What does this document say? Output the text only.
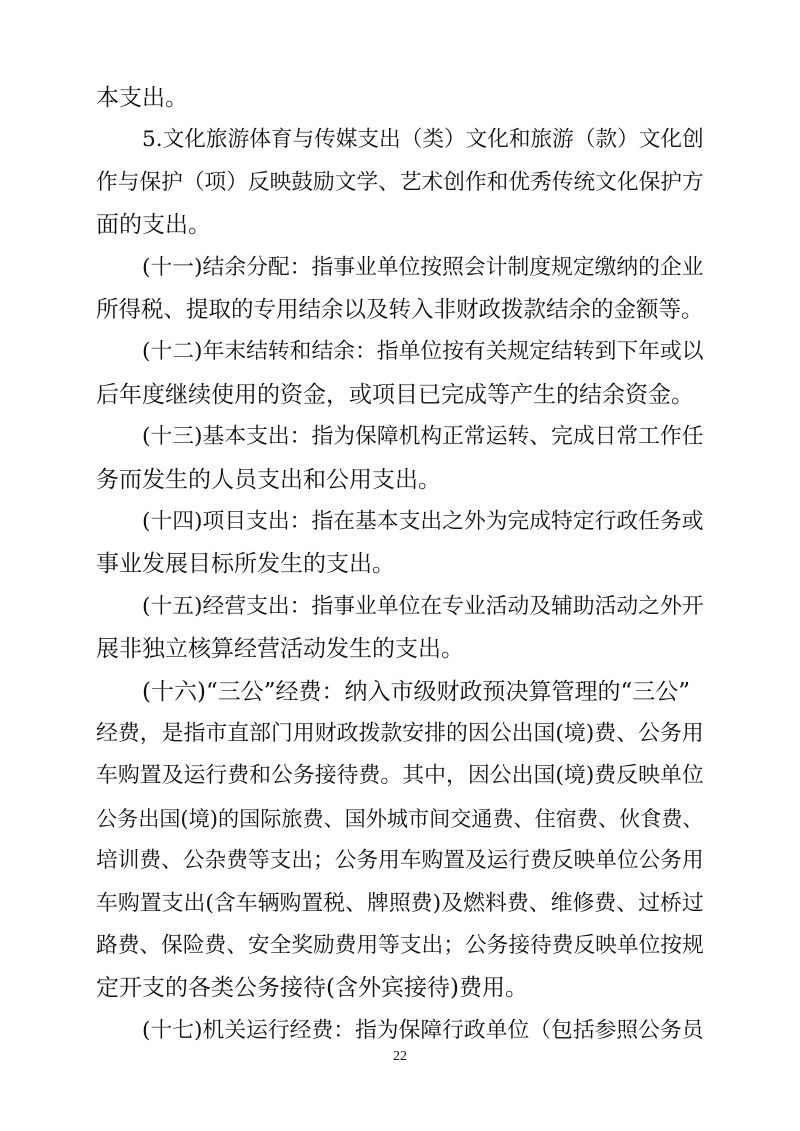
本支出。
5.文化旅游体育与传媒支出（类）文化和旅游（款）文化创
作与保护（项）反映鼓励文学、艺术创作和优秀传统文化保护方
面的支出。
(十一)结余分配：指事业单位按照会计制度规定缴纳的企业
所得税、提取的专用结余以及转入非财政拨款结余的金额等。
(十二)年末结转和结余：指单位按有关规定结转到下年或以
后年度继续使用的资金，或项目已完成等产生的结余资金。
(十三)基本支出：指为保障机构正常运转、完成日常工作任
务而发生的人员支出和公用支出。
(十四)项目支出：指在基本支出之外为完成特定行政任务或
事业发展目标所发生的支出。
(十五)经营支出：指事业单位在专业活动及辅助活动之外开
展非独立核算经营活动发生的支出。
(十六)“三公”经费：纳入市级财政预决算管理的“三公”
经费，是指市直部门用财政拨款安排的因公出国(境)费、公务用
车购置及运行费和公务接待费。其中，因公出国(境)费反映单位
公务出国(境)的国际旅费、国外城市间交通费、住宿费、伙食费、
培训费、公杂费等支出；公务用车购置及运行费反映单位公务用
车购置支出(含车辆购置税、牌照费)及燃料费、维修费、过桥过
路费、保险费、安全奖励费用等支出；公务接待费反映单位按规
定开支的各类公务接待(含外宾接待)费用。
(十七)机关运行经费：指为保障行政单位（包括参照公务员
22
